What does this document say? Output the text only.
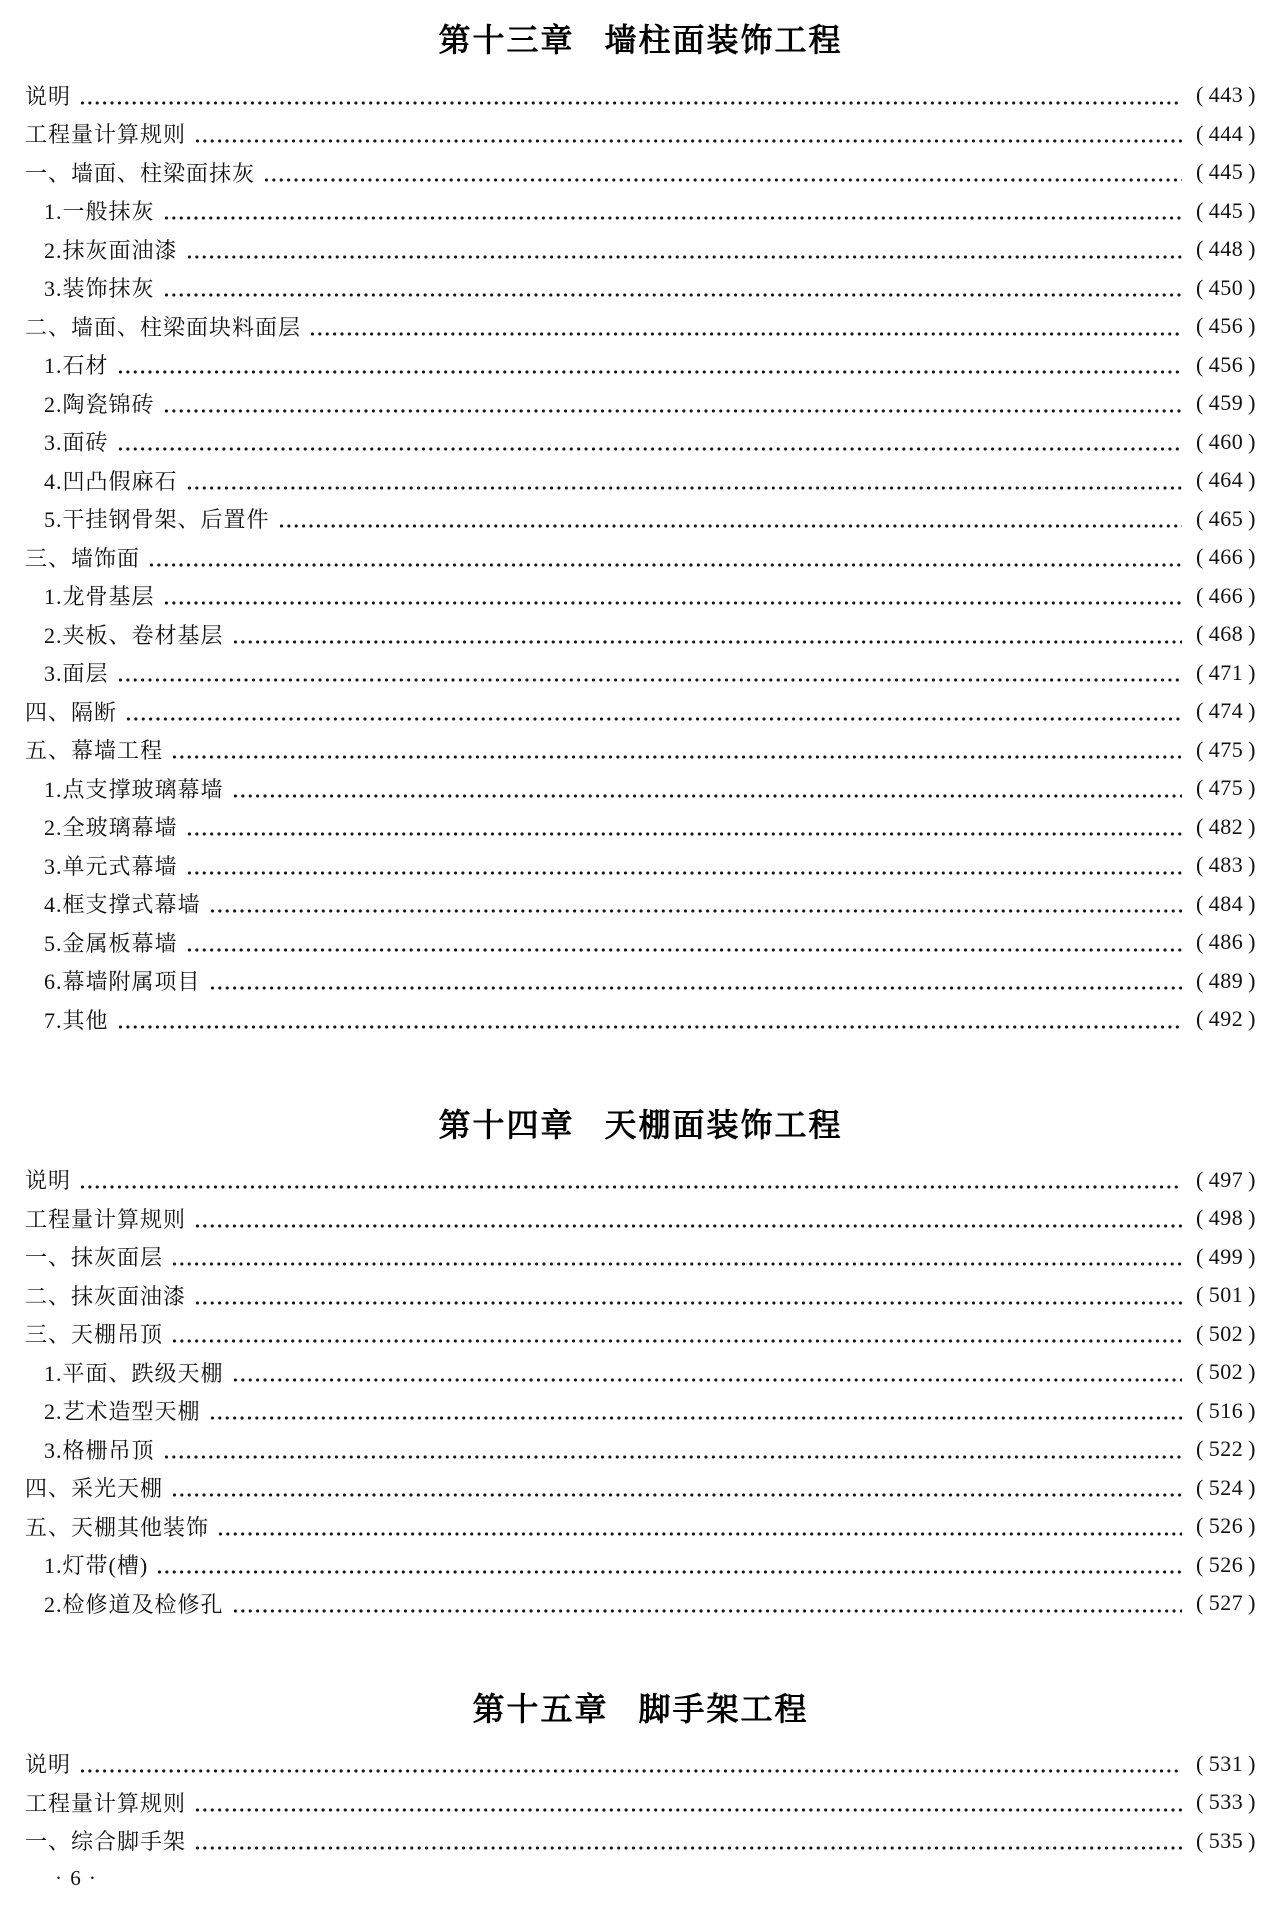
第十三章 墙柱面装饰工程
说明	( 443 )
工程量计算规则	( 444 )
一、墙面、柱梁面抹灰	( 445 )
1.一般抹灰	( 445 )
2.抹灰面油漆	( 448 )
3.装饰抹灰	( 450 )
二、墙面、柱梁面块料面层	( 456 )
1.石材	( 456 )
2.陶瓷锦砖	( 459 )
3.面砖	( 460 )
4.凹凸假麻石	( 464 )
5.干挂钢骨架、后置件	( 465 )
三、墙饰面	( 466 )
1.龙骨基层	( 466 )
2.夹板、卷材基层	( 468 )
3.面层	( 471 )
四、隔断	( 474 )
五、幕墙工程	( 475 )
1.点支撑玻璃幕墙	( 475 )
2.全玻璃幕墙	( 482 )
3.单元式幕墙	( 483 )
4.框支撑式幕墙	( 484 )
5.金属板幕墙	( 486 )
6.幕墙附属项目	( 489 )
7.其他	( 492 )
第十四章 天棚面装饰工程
说明	( 497 )
工程量计算规则	( 498 )
一、抹灰面层	( 499 )
二、抹灰面油漆	( 501 )
三、天棚吊顶	( 502 )
1.平面、跌级天棚	( 502 )
2.艺术造型天棚	( 516 )
3.格栅吊顶	( 522 )
四、采光天棚	( 524 )
五、天棚其他装饰	( 526 )
1.灯带(槽)	( 526 )
2.检修道及检修孔	( 527 )
第十五章 脚手架工程
说明	( 531 )
工程量计算规则	( 533 )
一、综合脚手架	( 535 )
· 6 ·
